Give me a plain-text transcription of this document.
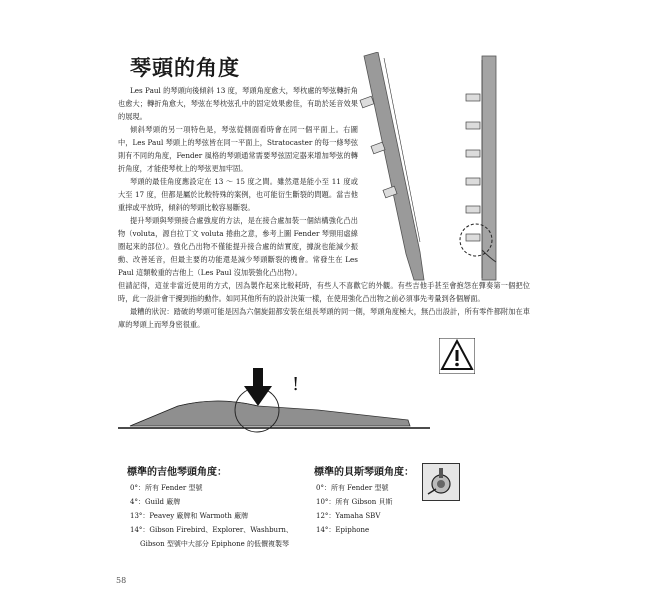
琴頭的角度

Les Paul 的琴頭向後傾斜 13 度，琴頭角度愈大，琴枕處的琴弦轉折角也愈大；轉折角愈大，琴弦在琴枕弦孔中的固定效果愈佳，有助於延音效果的展現。

傾斜琴頭的另一項特色是，琴弦從側面看時會在同一個平面上。右圖中，Les Paul 琴頭上的琴弦皆在同一平面上，Stratocaster 的每一條琴弦則有不同的角度，Fender 風格的琴頭通常需要琴弦固定器來增加琴弦的轉折角度，才能使琴枕上的琴弦更加牢固。

琴頭的最佳角度應設定在 13 ～ 15 度之間。雖然還是能小至 11 度或大至 17 度，但都是屬於比較特殊的案例，也可能衍生斷裂的問題。當吉他重摔或平放時，傾斜的琴頭比較容易斷裂。

提升琴頭與琴頸接合處強度的方法，是在接合處加裝一個結構強化凸出物（voluta，源自拉丁文 voluta 捲曲之意，參考上圖 Fender 琴頸用虛線圈起來的部位）。強化凸出物不僅能提升接合處的結實度，據說也能減少振動、改善延音，但最主要的功能還是減少琴頭斷裂的機會。常發生在 Les Paul 這類較重的吉他上（Les Paul 沒加裝強化凸出物）。

但請記得，這並非當近使用的方式，因為製作起來比較耗時，有些人不喜歡它的外觀。有些吉他手甚至會抱怨在彈奏第一個把位時，此一設計會干擾到指的動作。如同其他所有的設計決策一樣，在使用強化凸出物之前必須事先考量到各個層面。

最糟的狀況：踏破的琴頭可能是因為六個旋鈕都安裝在組長琴頭的同一側，琴頭角度極大，無凸出設計，所有零件都附加在車庫的琴頭上而琴身密很重。

!
標準的吉他琴頭角度：
0°：所有 Fender 型號
4°：Guild 廠牌
13°：Peavey 廠牌和 Warmoth 廠牌
14°：Gibson Firebird、Explorer、Washburn、
Gibson 型號中大部分 Epiphone 的低價複製琴
標準的貝斯琴頭角度：
0°：所有 Fender 型號
10°：所有 Gibson 貝斯
12°：Yamaha SBV
14°：Epiphone
58
